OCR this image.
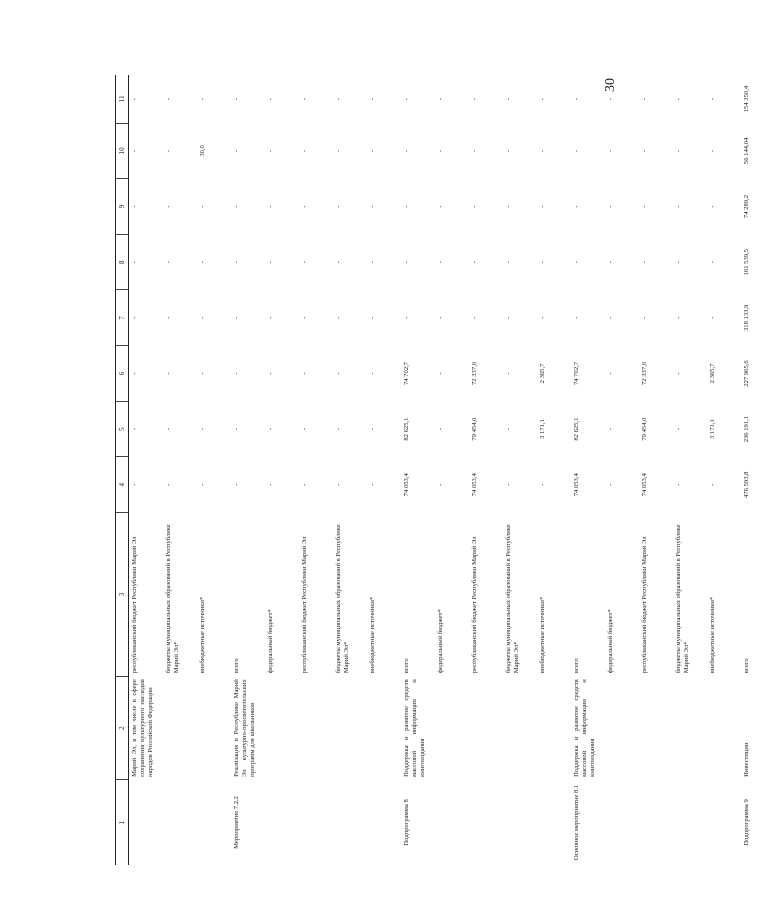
30
1	2	3	4	5	6	7	8	9	10	11
	Марий Эл, в том числе в сфере сохранения культурного наследия народов Российской Федерации	республиканский бюджет Республики Марий Эл	-	-	-	-	-	-	-	-
		бюджеты муниципальных образований в Республике Марий Эл*	-	-	-	-	-	-	-	-
		внебюджетные источники*	-	-	-	-	-	-	30,0	-
Мероприятие 7.2.2	Реализация в Республике Марий Эл культурно-просветительских программ для школьников	всего	-	-	-	-	-	-	-	-
		федеральный бюджет*	-	-	-	-	-	-	-	-
		республиканский бюджет Республики Марий Эл	-	-	-	-	-	-	-	-
		бюджеты муниципальных образований в Республике Марий Эл*	-	-	-	-	-	-	-	-
		внебюджетные источники*	-	-	-	-	-	-	-	-
Подпрограмма 8	Поддержка и развитие средств массовой информации и книгоиздания	всего	74 053,4	82 625,1	74 702,7	-	-	-	-	-
		федеральный бюджет*	-	-	-	-	-	-	-	-
		республиканский бюджет Республики Марий Эл	74 053,4	79 454,0	72 337,0	-	-	-	-	-
		бюджеты муниципальных образований в Республике Марий Эл*	-	-	-	-	-	-	-	-
		внебюджетные источники*	-	3 171,1	2 365,7	-	-	-	-	-
Основное мероприятие 8.1	Поддержка и развитие средств массовой информации и книгоиздания	всего	74 053,4	82 625,1	74 702,7	-	-	-	-	-
		федеральный бюджет*	-	-	-	-	-	-	-	-
		республиканский бюджет Республики Марий Эл	74 053,4	79 454,0	72 337,0	-	-	-	-	-
		бюджеты муниципальных образований в Республике Марий Эл*	-	-	-	-	-	-	-	-
		внебюджетные источники*	-	3 171,1	2 365,7	-	-	-	-	-
Подпрограмма 9	Инвестиции	всего	476 593,8	236 191,1	227 965,6	318 133,9	161 539,5	74 289,2	56 144,04	154 350,4
